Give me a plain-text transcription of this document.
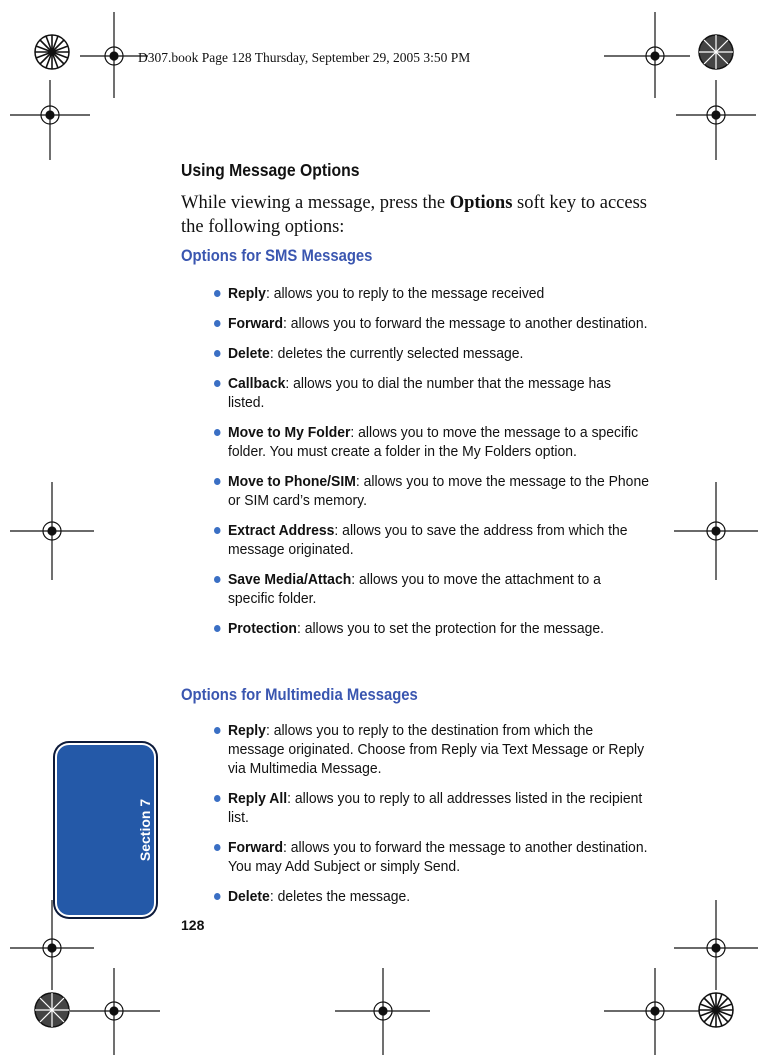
D307.book Page 128 Thursday, September 29, 2005 3:50 PM
Using Message Options
While viewing a message, press the Options soft key to access the following options:
Options for SMS Messages
Reply: allows you to reply to the message received
Forward: allows you to forward the message to another destination.
Delete: deletes the currently selected message.
Callback: allows you to dial the number that the message has listed.
Move to My Folder: allows you to move the message to a specific folder. You must create a folder in the My Folders option.
Move to Phone/SIM: allows you to move the message to the Phone or SIM card’s memory.
Extract Address: allows you to save the address from which the message originated.
Save Media/Attach: allows you to move the attachment to a specific folder.
Protection: allows you to set the protection for the message.
Options for Multimedia Messages
Reply: allows you to reply to the destination from which the message originated. Choose from Reply via Text Message or Reply via Multimedia Message.
Reply All: allows you to reply to all addresses listed in the recipient list.
Forward: allows you to forward the message to another destination. You may Add Subject or simply Send.
Delete: deletes the message.
Section 7
128
